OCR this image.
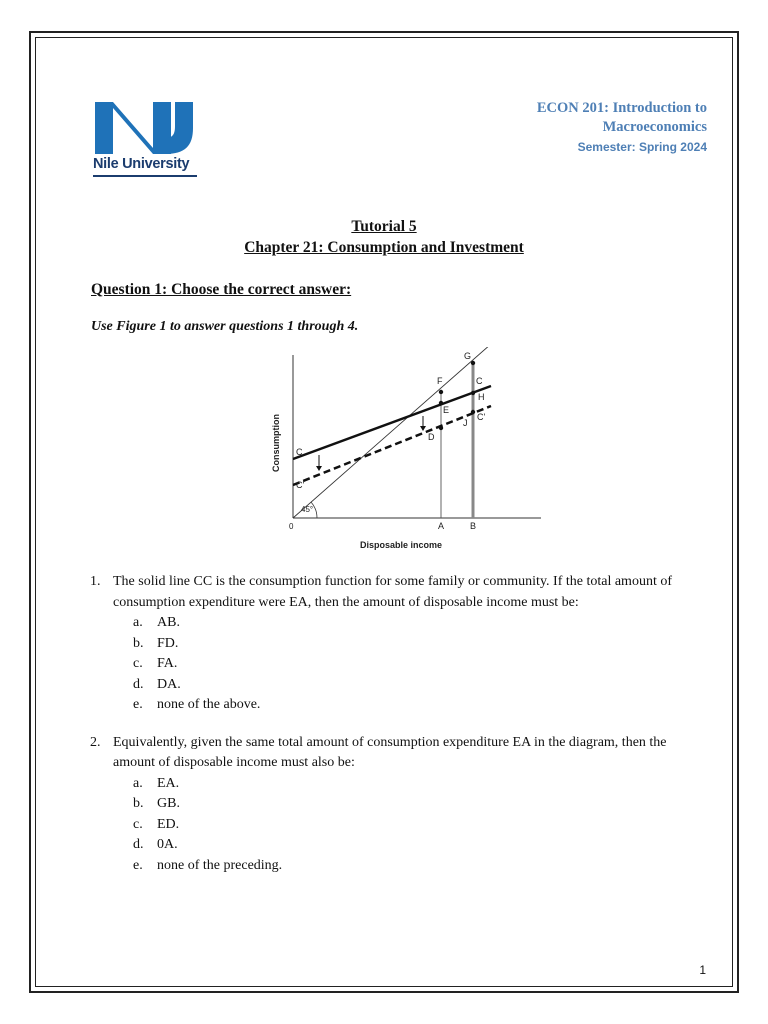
Nile University
ECON 201: Introduction to
Macroeconomics
Semester: Spring 2024
Tutorial 5
Chapter 21: Consumption and Investment
Question 1: Choose the correct answer:
Use Figure 1 to answer questions 1 through 4.
C
C'
C
C'
F
E
D
G
H
J
45°
0	A	B
Disposable income
Consumption
1. The solid line CC is the consumption function for some family or community. If the total amount of consumption expenditure were EA, then the amount of disposable income must be:
a. AB.
b. FD.
c. FA.
d. DA.
e. none of the above.
2. Equivalently, given the same total amount of consumption expenditure EA in the diagram, then the amount of disposable income must also be:
a. EA.
b. GB.
c. ED.
d. 0A.
e. none of the preceding.
1
